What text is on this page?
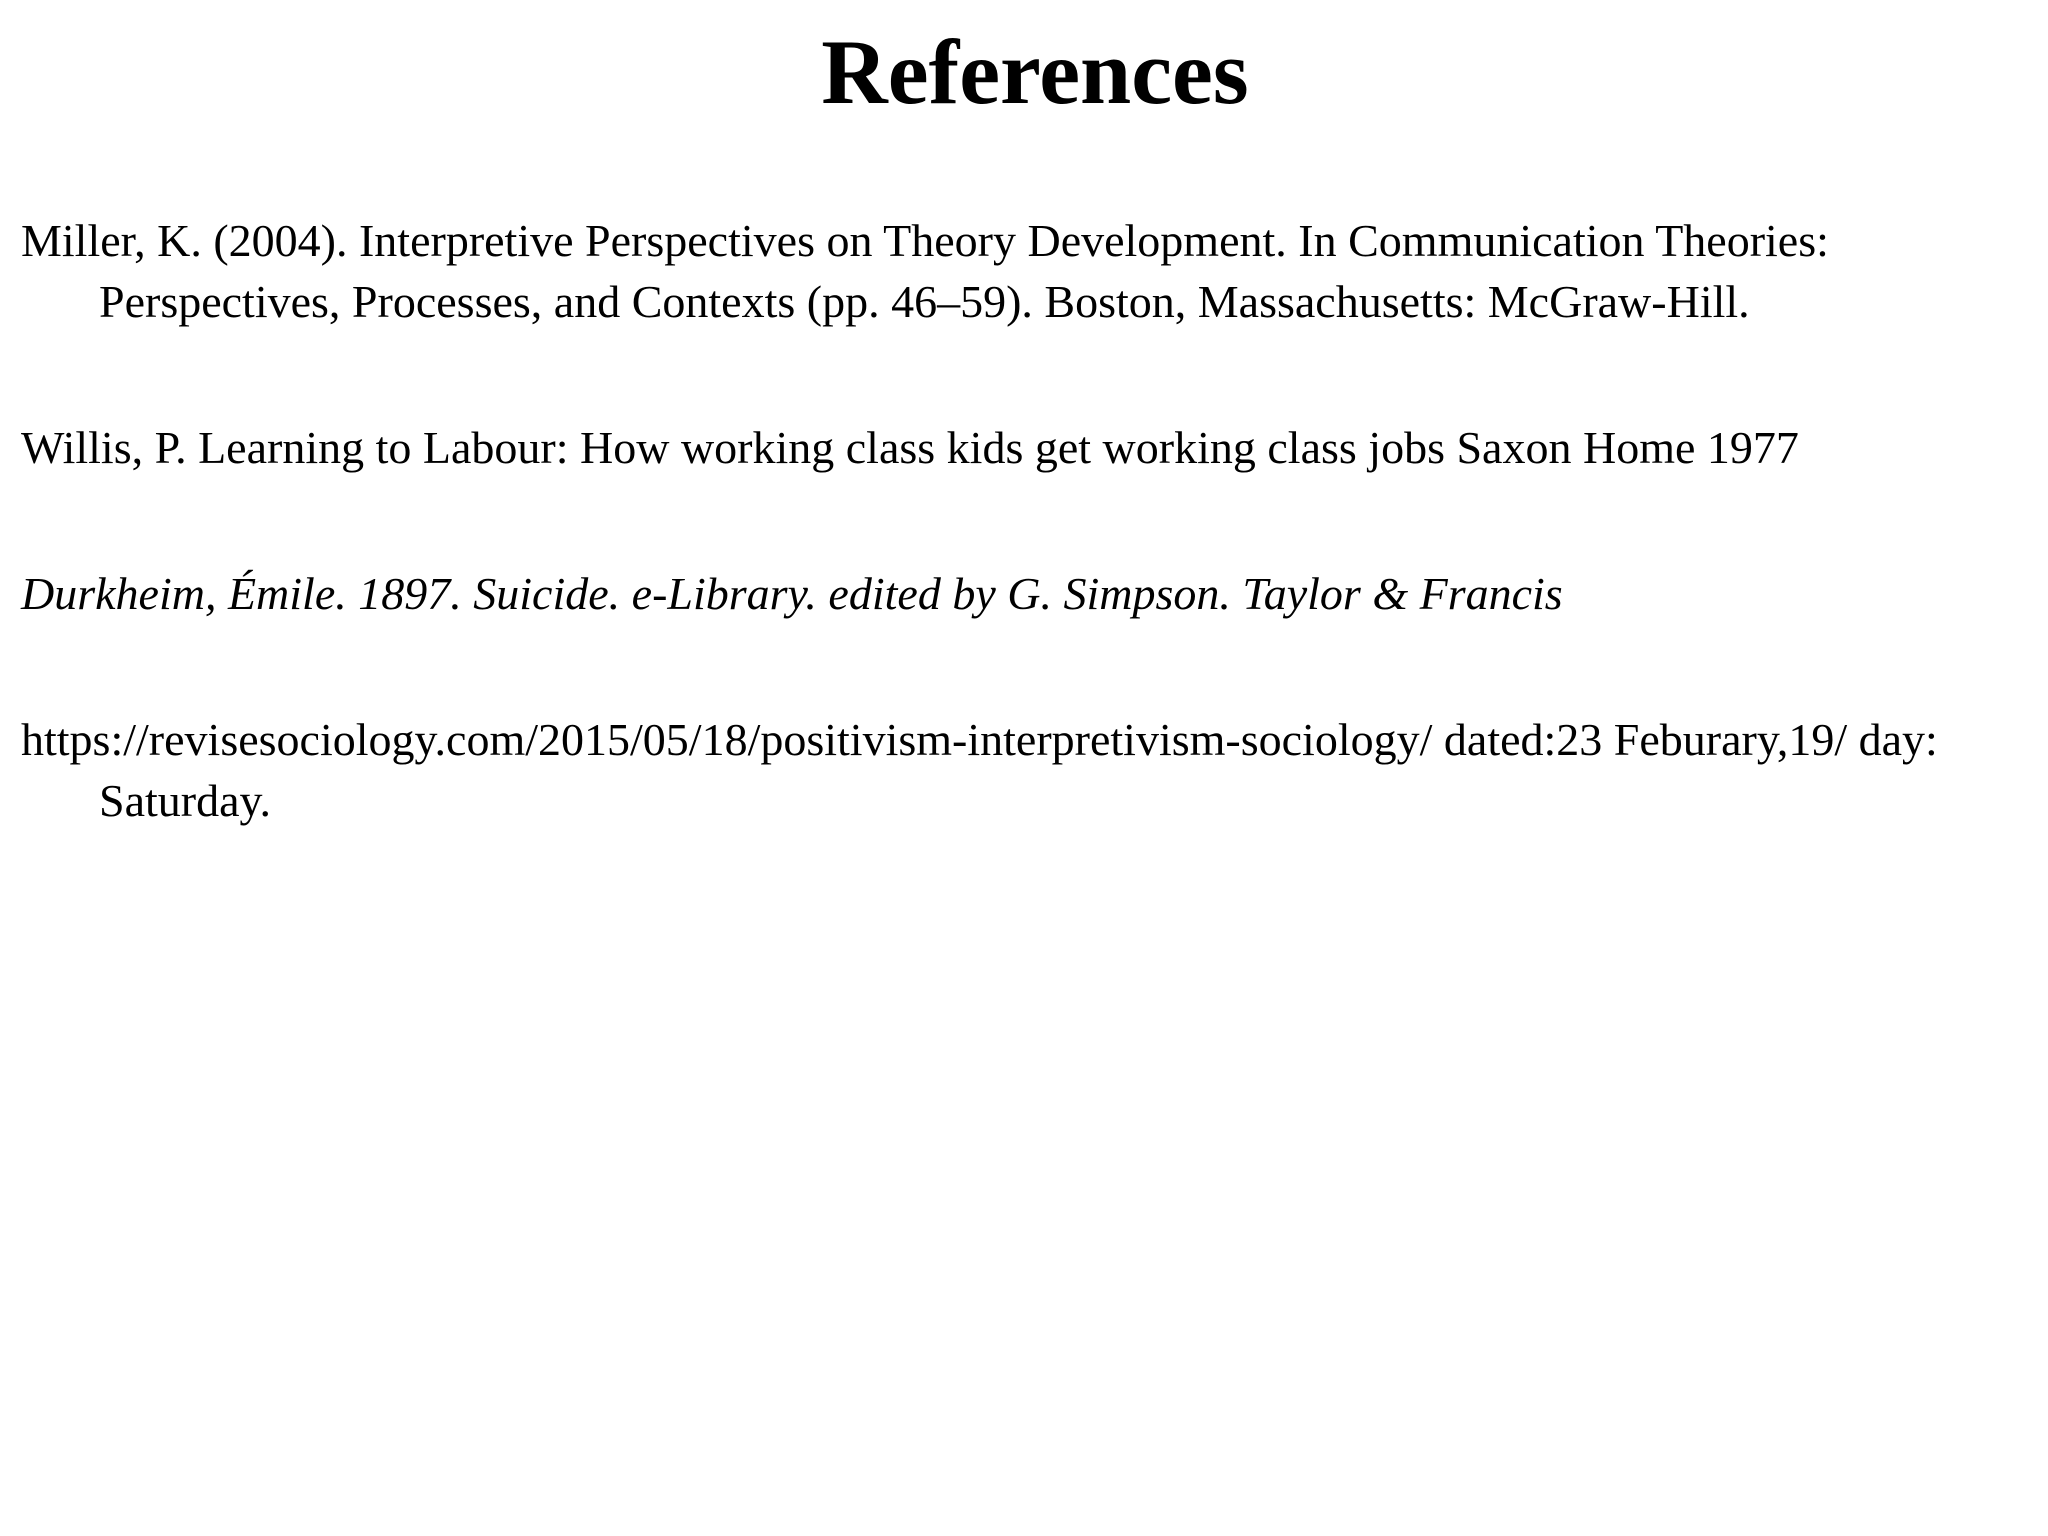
References
Miller, K. (2004). Interpretive Perspectives on Theory Development. In Communication Theories: Perspectives, Processes, and Contexts (pp. 46–59). Boston, Massachusetts: McGraw-Hill.
Willis, P. Learning to Labour: How working class kids get working class jobs Saxon Home 1977
Durkheim, Émile. 1897. Suicide. e-Library. edited by G. Simpson. Taylor & Francis
https://revisesociology.com/2015/05/18/positivism-interpretivism-sociology/ dated:23 Feburary,19/ day: Saturday.
